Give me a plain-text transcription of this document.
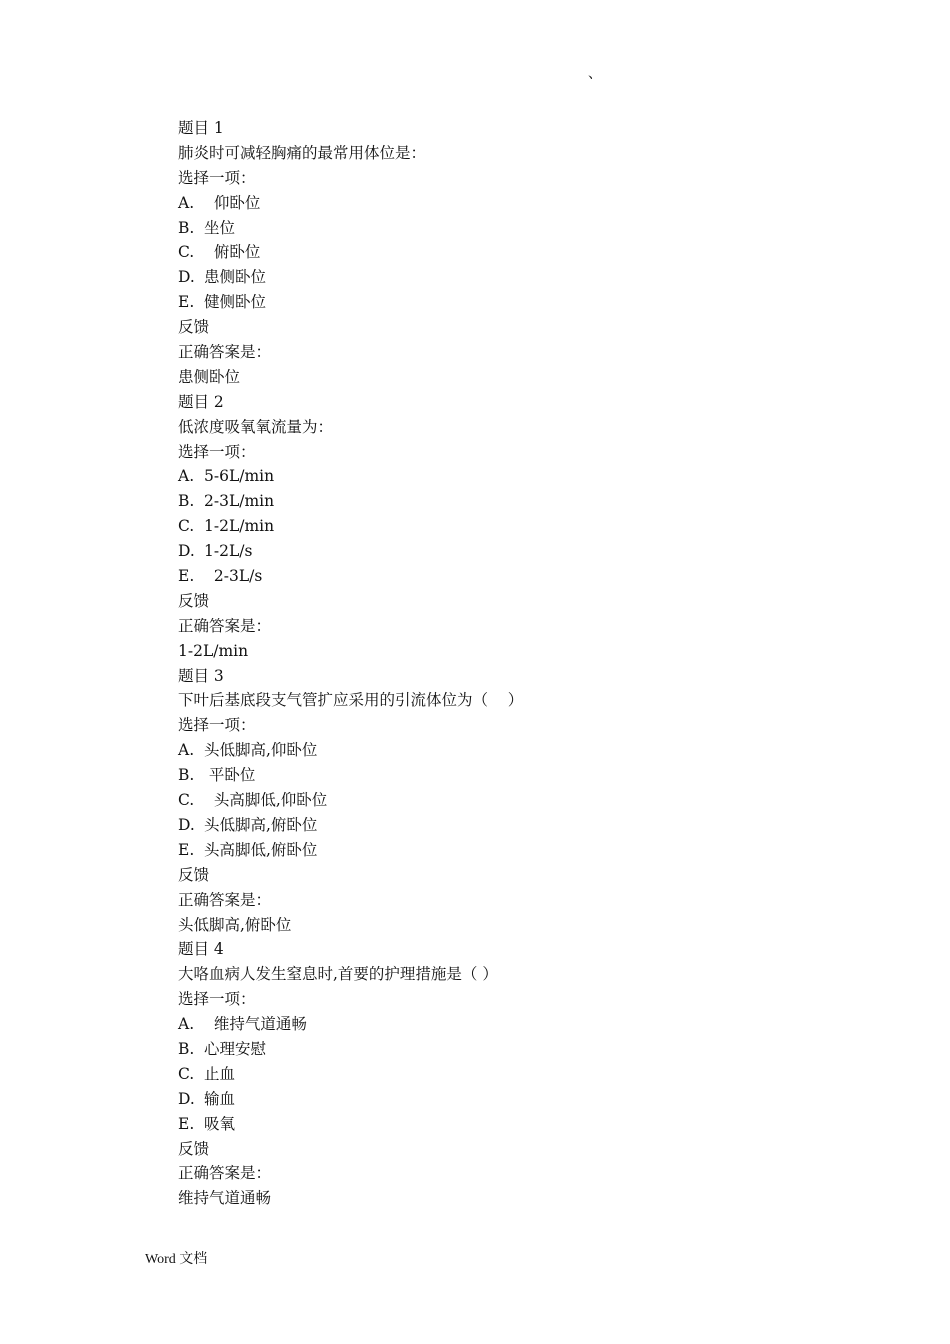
、
题目 1
肺炎时可减轻胸痛的最常用体位是：
选择一项：
A.  仰卧位
B. 坐位
C.  俯卧位
D. 患侧卧位
E. 健侧卧位
反馈
正确答案是：
患侧卧位
题目 2
低浓度吸氧氧流量为：
选择一项：
A. 5-6L/min
B. 2-3L/min
C. 1-2L/min
D. 1-2L/s
E.  2-3L/s
反馈
正确答案是：
1-2L/min
题目 3
下叶后基底段支气管扩应采用的引流体位为（    ）
选择一项：
A. 头低脚高,仰卧位
B. 平卧位
C.  头高脚低,仰卧位
D. 头低脚高,俯卧位
E. 头高脚低,俯卧位
反馈
正确答案是：
头低脚高,俯卧位
题目 4
大咯血病人发生窒息时,首要的护理措施是（ ）
选择一项：
A.  维持气道通畅
B. 心理安慰
C. 止血
D. 输血
E. 吸氧
反馈
正确答案是：
维持气道通畅
Word 文档
